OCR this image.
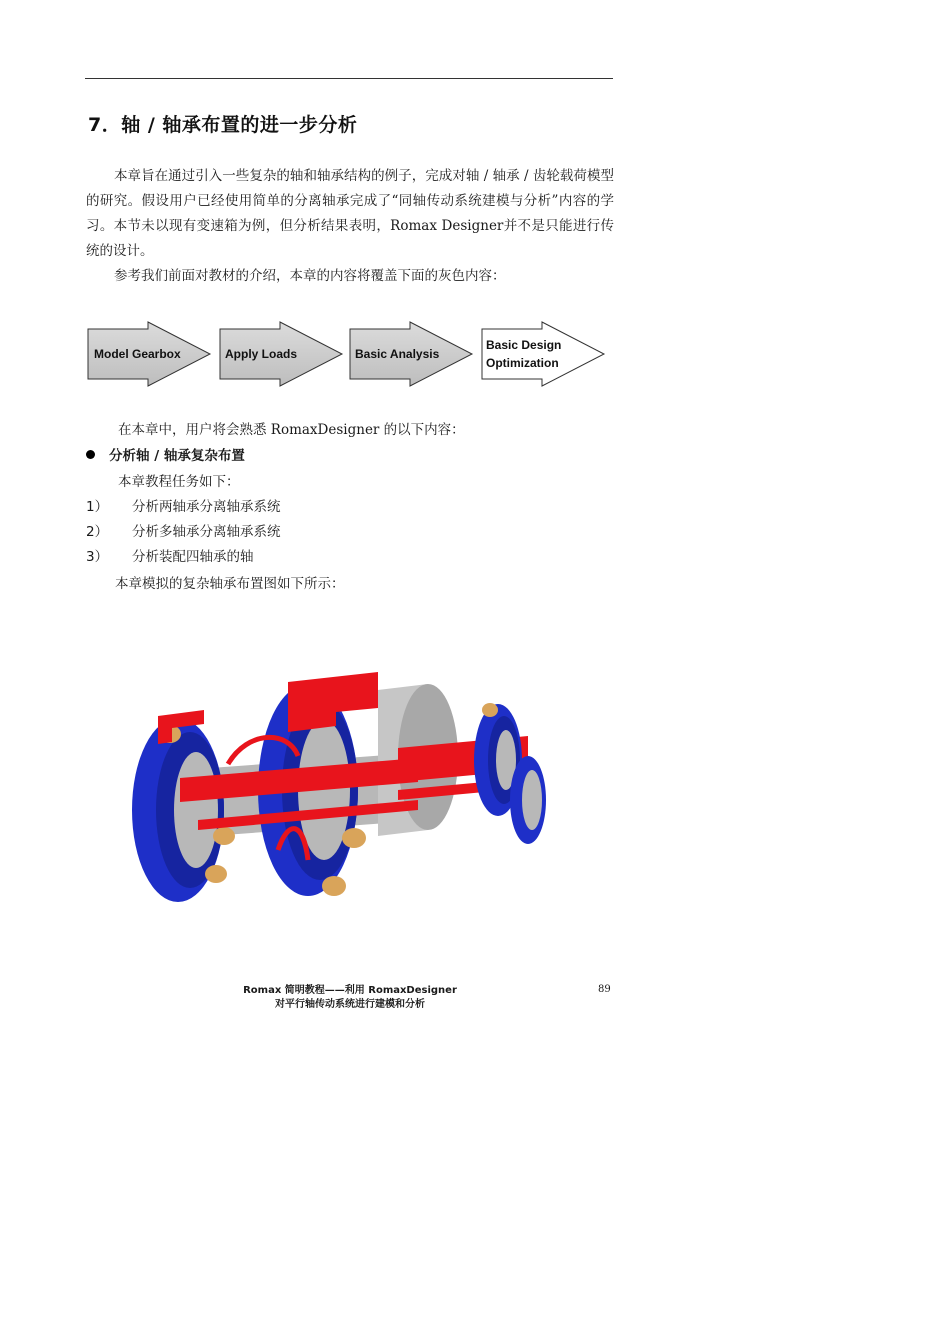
7．轴 / 轴承布置的进一步分析

本章旨在通过引入一些复杂的轴和轴承结构的例子，完成对轴 / 轴承 / 齿轮载荷模型的研究。假设用户已经使用简单的分离轴承完成了“同轴传动系统建模与分析”内容的学习。本节未以现有变速箱为例，但分析结果表明，Romax Designer并不是只能进行传统的设计。

参考我们前面对教材的介绍，本章的内容将覆盖下面的灰色内容：

Model Gearbox	Apply Loads	Basic Analysis
Basic Design
Optimization
在本章中，用户将会熟悉 RomaxDesigner 的以下内容：
分析轴 / 轴承复杂布置
本章教程任务如下：
1） 分析两轴承分离轴承系统
2） 分析多轴承分离轴承系统
3） 分析装配四轴承的轴
本章模拟的复杂轴承布置图如下所示：
Romax 简明教程——利用 RomaxDesigner
对平行轴传动系统进行建模和分析
89
